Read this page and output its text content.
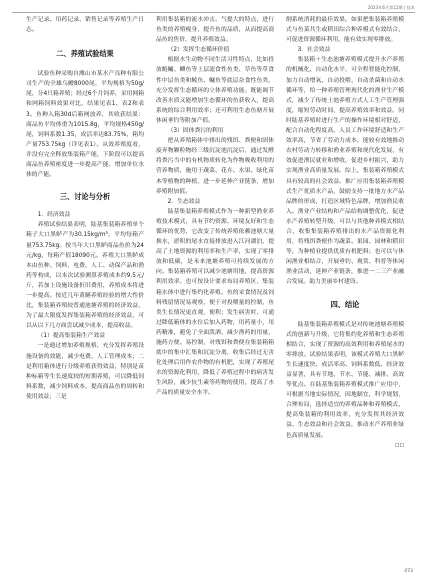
2023年6月第12期 | 技术

生产记录、用药记录、销售记录等养殖生产日志。

二、养殖试验结果

试验鱼种采购自潍山市某水产良种有限公司生产的全雄乌鳢8000尾，平均规格为50g/尾，分4只箱养殖；经过6个月饲养，采用网箱和网箱饲料效果对比，结果见表1、表2和表3。鱼种入箱30d后箱网放养，其收获结果：商品鱼平均体重为1015.8g，平均规格450g/尾，饲料系数1.35，成活率达83.75%，箱均产量753.75kg（详见表1）。从效养殖度看，并没有完全释放集装箱产能，下阶段可以提高商品鱼养殖密度进一步提高产能、增加单位水体的产能。

三、讨论与分析

1．经济效益

养殖试验结果表明，陆基集装箱养殖单个箱子大口黑鲈产为30.15kg/m³，平均每箱产量753.75kg。按当年大口黑鲈商品鱼价为24元/kg，每箱产值18090元。养殖大口黑鲈成本由鱼种、饲料、电费、人工、动保产品和渔药等构成，以本次试验测算养殖成本约9.5元/斤，若加上设施设备折旧费用，养殖成本将进一步提高。按近几年黄鳝养殖经验的增大性价比，集装箱养殖较普通池塘养殖的经济效益，为了最大限度发挥集装箱养殖的经济效益，可以从以下几方面尝试减少成本，提高收益。

（1）提高集装箱生产效益

一是通过增加养殖规格，充分发挥养殖设施设备的效能，减少电费、人工管理成本；二是利用箱体进行分级养殖获得效益，特别是苗种标箱等生长速度较的短期养殖，可以降低饲料系数，减少饲料成本，提高商品鱼的周转和使用效益；三是

利用集装箱的流水冲击、气提大的特点，进行鱼类的养殖瘦身，提升鱼的品质，从而提高商品鱼的售价，提升养殖效益。

（2）发挥生态循环价值

根据水生动物不同生活习性特点，比如投放鲢鳙、鲫鱼等上层滤食性鱼类、草鱼等草食性中层鱼类和鲮鱼、鳙鱼等底层杂食性鱼类，充分发挥生态循环的立体养殖功能。既能调节改善水质又能增加生态循环的鱼获收入，提高系统的综合利用效率；还可利用生态鱼塘开展休闲垂钓等附加产值。

（3）固体粪污的利用

把从养殖箱体中排出的残饵、粪便和固体废弃物颗粒物经三级沉淀池沉淀后，通过发酵将粪污当中的有机物质转化为作物吸收利用的营养物质，施用于蔬菜、花卉、水果、绿化苗木等植物的种植，进一步延伸产业链条，增加养殖附加值。

2．生态效益

陆基集装箱养殖模式作为一种新型渔业养殖技术模式，具有节约资源、环境友好和生态循环的优势，它改变了传统养殖依赖池塘大量换水，淤积的尾水直接排放进入江河湖泊，提高了土地资源的利用率和生产率，实现了零排放和低碳，是未来池塘养殖可持续发展的方向。集装箱养殖可以减少池塘用地，提高资源利用效率。也可按设计要求布局养殖区，集装箱水体中进行集约化养殖。鱼的采食情况及饲料残留情况易观察，便于对投喂量的控制，鱼类生长情况更直观，便利；发生病害时，可通过降低箱体的水位后加入药物，用药量小，用药精准，避免了全面泼洒、减少渔药的用量，施药方便、易控制，对残饵和粪便在集装箱箱底中的集中汇集和沉淀分离，收集后经过无害化处理后用作农作物的有机肥，实现了养殖尾水的资源化利用，降低了养殖过程中的病害发生风险，减少抗生素等药物的使用，提高了水产品的质量安全水平。

纲系统消耗的最佳效果。如果把集装箱养殖模式与鱼菜共生或稻田综合种养模式有效结合，可促进资源循环利用，能有效实现零排放。

3．社会效益

集装箱＋生态池塘养殖模式提升水产养殖的机械化、自动化水平，可全程智能化控制，加力自动增氧、自动投喂、自动杀菌和自动水循环等，给一种养殖管理现代化的渔业生产模式，减少了传统土池养殖方式人工生产管理强度，缩短劳动时间，提高养殖效率和效益。同时陆基养殖时进行生产的操作环境相对舒适，配合自动化程度高、人员工作环境舒适和生产效率高，节省了劳动力成本，能较有效地推动农村劳动力转移和渔业养殖和现代化发展，有效促进渔民就业和增收，促进乡村振兴，助力实现渔业高质量发展。综上，集装箱养殖模式具有较高的社会效益。推广应用集装箱养殖模式生产优质水产品，鼓励支持一批地方水产品品牌的形成，打造区域特色品牌，增加渔民收入。渔业产业结构和产品结构调整优化，促进水产养殖转型升级，可以与其他种养模式相结合，收集集装箱养殖排出的水产品资源化利用，将残饵粪便作为蔬菜、果园、园林和稻田等，为种植业提供优质有机肥料；也可以与休闲渔业相结合，开展垂钓、观赏、科普等休闲渔业活动，延伸产业链条，推进一二三产业融合发展。助力美丽乡村建设。

四、结论

陆基集装箱养殖模式是对传统池塘养殖模式的创新与升级，它将集约化养殖和生态养殖相结合，实现了资源的高效利用和养殖尾水的零排放。试验结果表明，该模式养殖大口黑鲈生长速度快、成活率高、饲料系数低、经济效益显著，具有节地、节水、节能、减排、高效等优点。在陆基集装箱养殖模式推广应用中，可根据当地实际情况，因地制宜，科学规划，合理布局，选择适宜的养殖品种和养殖模式，提高集装箱的利用效率，充分发挥其经济效益、生态效益和社会效益，推动水产养殖业绿色高质量发展。

☐☐

073
